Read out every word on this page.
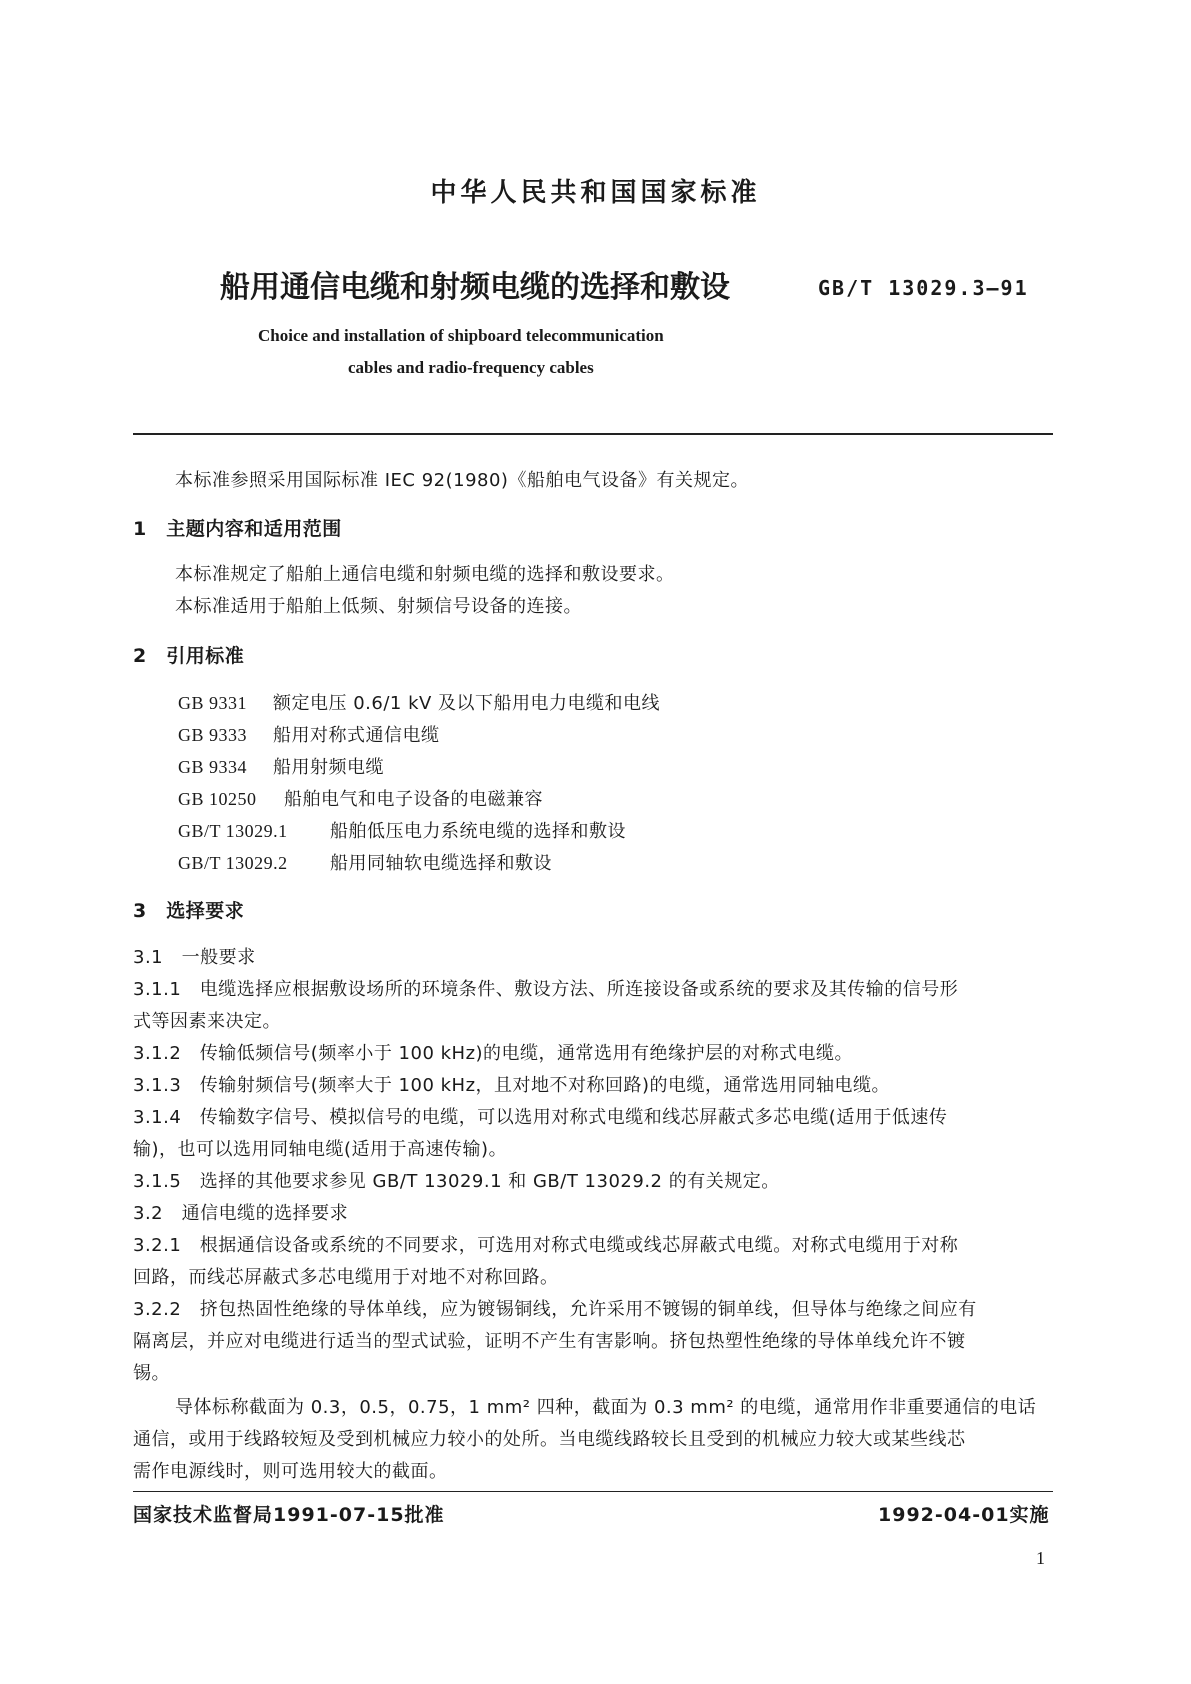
中华人民共和国国家标准
船用通信电缆和射频电缆的选择和敷设	GB/T 13029.3—91
Choice and installation of shipboard telecommunication
cables and radio-frequency cables
本标准参照采用国际标准 IEC 92(1980)《船舶电气设备》有关规定。
1　主题内容和适用范围
本标准规定了船舶上通信电缆和射频电缆的选择和敷设要求。
本标准适用于船舶上低频、射频信号设备的连接。
2　引用标准
GB 9331 额定电压 0.6/1 kV 及以下船用电力电缆和电线
GB 9333 船用对称式通信电缆
GB 9334 船用射频电缆
GB 10250 船舶电气和电子设备的电磁兼容
GB/T 13029.1 船舶低压电力系统电缆的选择和敷设
GB/T 13029.2 船用同轴软电缆选择和敷设
3　选择要求
3.1　一般要求
3.1.1　电缆选择应根据敷设场所的环境条件、敷设方法、所连接设备或系统的要求及其传输的信号形
式等因素来决定。
3.1.2　传输低频信号(频率小于 100 kHz)的电缆，通常选用有绝缘护层的对称式电缆。
3.1.3　传输射频信号(频率大于 100 kHz，且对地不对称回路)的电缆，通常选用同轴电缆。
3.1.4　传输数字信号、模拟信号的电缆，可以选用对称式电缆和线芯屏蔽式多芯电缆(适用于低速传
输)，也可以选用同轴电缆(适用于高速传输)。
3.1.5　选择的其他要求参见 GB/T 13029.1 和 GB/T 13029.2 的有关规定。
3.2　通信电缆的选择要求
3.2.1　根据通信设备或系统的不同要求，可选用对称式电缆或线芯屏蔽式电缆。对称式电缆用于对称
回路，而线芯屏蔽式多芯电缆用于对地不对称回路。
3.2.2　挤包热固性绝缘的导体单线，应为镀锡铜线，允许采用不镀锡的铜单线，但导体与绝缘之间应有
隔离层，并应对电缆进行适当的型式试验，证明不产生有害影响。挤包热塑性绝缘的导体单线允许不镀
锡。
导体标称截面为 0.3，0.5，0.75，1 mm² 四种，截面为 0.3 mm² 的电缆，通常用作非重要通信的电话
通信，或用于线路较短及受到机械应力较小的处所。当电缆线路较长且受到的机械应力较大或某些线芯
需作电源线时，则可选用较大的截面。
国家技术监督局1991-07-15批准	1992-04-01实施
1
